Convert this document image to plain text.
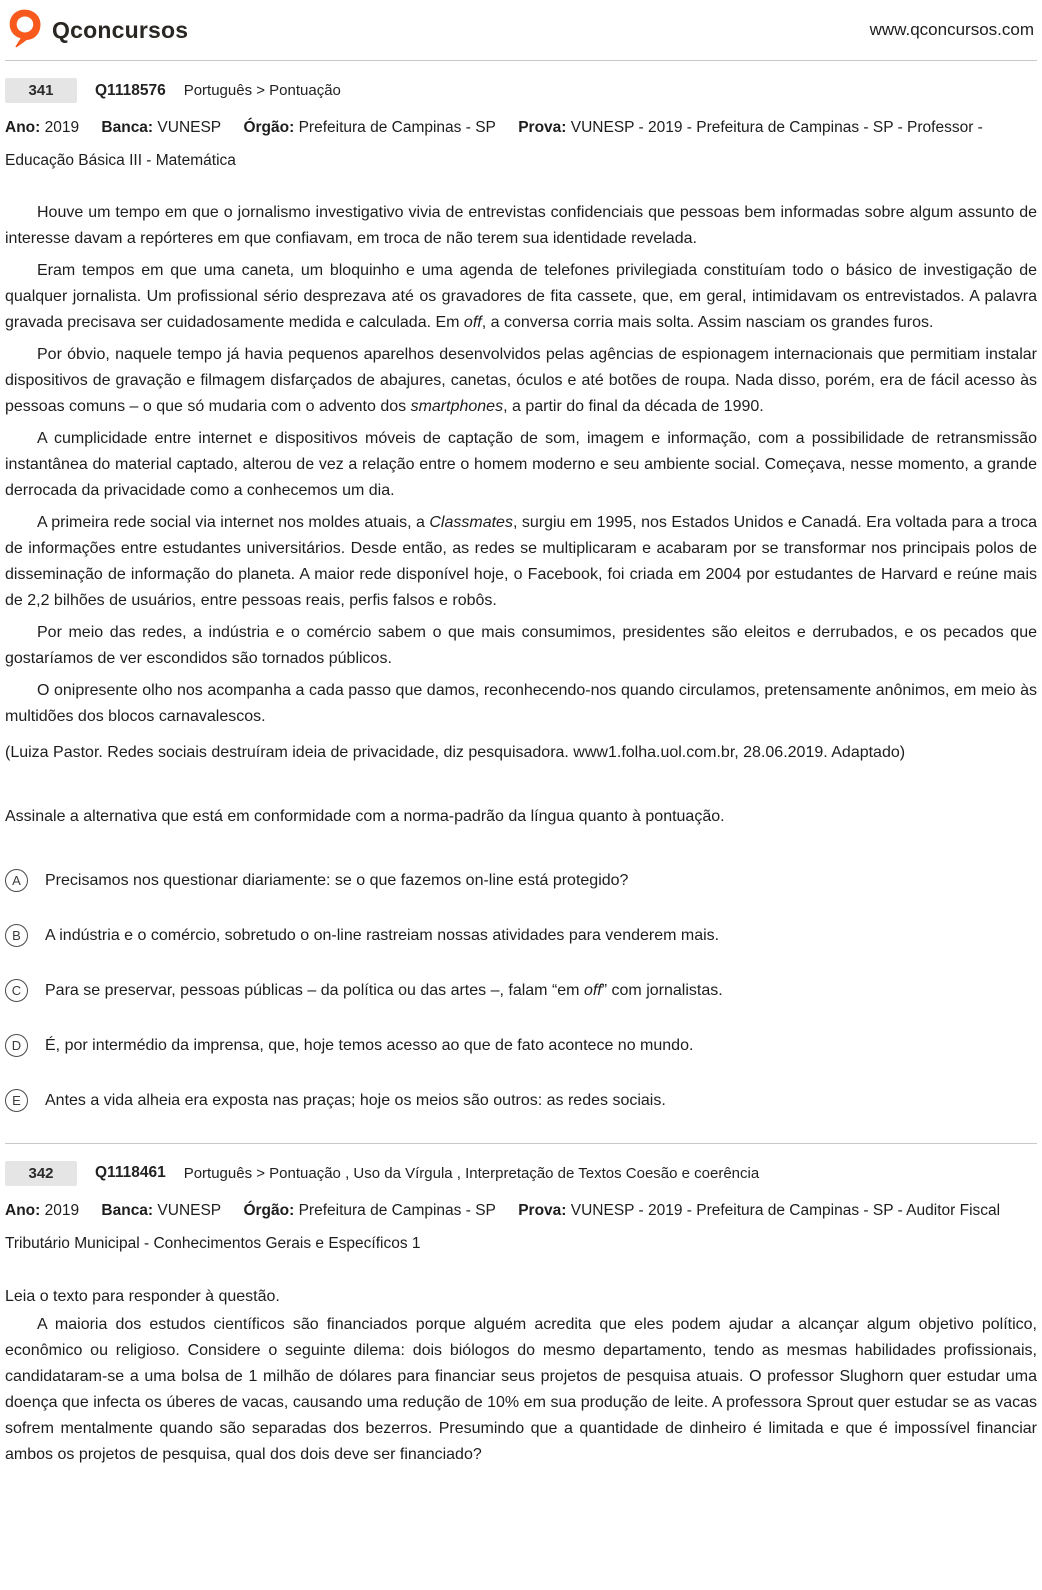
Qconcursos	www.qconcursos.com
341	Q1118576 Português > Pontuação

Ano: 2019 Banca: VUNESP Órgão: Prefeitura de Campinas - SP Prova: VUNESP - 2019 - Prefeitura de Campinas - SP - Professor - Educação Básica III - Matemática

Houve um tempo em que o jornalismo investigativo vivia de entrevistas confidenciais que pessoas bem informadas sobre algum assunto de interesse davam a repórteres em que confiavam, em troca de não terem sua identidade revelada.

Eram tempos em que uma caneta, um bloquinho e uma agenda de telefones privilegiada constituíam todo o básico de investigação de qualquer jornalista. Um profissional sério desprezava até os gravadores de fita cassete, que, em geral, intimidavam os entrevistados. A palavra gravada precisava ser cuidadosamente medida e calculada. Em off, a conversa corria mais solta. Assim nasciam os grandes furos.

Por óbvio, naquele tempo já havia pequenos aparelhos desenvolvidos pelas agências de espionagem internacionais que permitiam instalar dispositivos de gravação e filmagem disfarçados de abajures, canetas, óculos e até botões de roupa. Nada disso, porém, era de fácil acesso às pessoas comuns – o que só mudaria com o advento dos smartphones, a partir do final da década de 1990.

A cumplicidade entre internet e dispositivos móveis de captação de som, imagem e informação, com a possibilidade de retransmissão instantânea do material captado, alterou de vez a relação entre o homem moderno e seu ambiente social. Começava, nesse momento, a grande derrocada da privacidade como a conhecemos um dia.

A primeira rede social via internet nos moldes atuais, a Classmates, surgiu em 1995, nos Estados Unidos e Canadá. Era voltada para a troca de informações entre estudantes universitários. Desde então, as redes se multiplicaram e acabaram por se transformar nos principais polos de disseminação de informação do planeta. A maior rede disponível hoje, o Facebook, foi criada em 2004 por estudantes de Harvard e reúne mais de 2,2 bilhões de usuários, entre pessoas reais, perfis falsos e robôs.

Por meio das redes, a indústria e o comércio sabem o que mais consumimos, presidentes são eleitos e derrubados, e os pecados que gostaríamos de ver escondidos são tornados públicos.

O onipresente olho nos acompanha a cada passo que damos, reconhecendo-nos quando circulamos, pretensamente anônimos, em meio às multidões dos blocos carnavalescos.

(Luiza Pastor. Redes sociais destruíram ideia de privacidade, diz pesquisadora. www1.folha.uol.com.br, 28.06.2019. Adaptado)

Assinale a alternativa que está em conformidade com a norma-padrão da língua quanto à pontuação.

A	Precisamos nos questionar diariamente: se o que fazemos on-line está protegido?
B	A indústria e o comércio, sobretudo o on-line rastreiam nossas atividades para venderem mais.
C	Para se preservar, pessoas públicas – da política ou das artes –, falam “em off” com jornalistas.
D	É, por intermédio da imprensa, que, hoje temos acesso ao que de fato acontece no mundo.
E	Antes a vida alheia era exposta nas praças; hoje os meios são outros: as redes sociais.
342	Q1118461 Português > Pontuação , Uso da Vírgula , Interpretação de Textos Coesão e coerência

Ano: 2019 Banca: VUNESP Órgão: Prefeitura de Campinas - SP Prova: VUNESP - 2019 - Prefeitura de Campinas - SP - Auditor Fiscal Tributário Municipal - Conhecimentos Gerais e Específicos 1

Leia o texto para responder à questão.

A maioria dos estudos científicos são financiados porque alguém acredita que eles podem ajudar a alcançar algum objetivo político, econômico ou religioso. Considere o seguinte dilema: dois biólogos do mesmo departamento, tendo as mesmas habilidades profissionais, candidataram-se a uma bolsa de 1 milhão de dólares para financiar seus projetos de pesquisa atuais. O professor Slughorn quer estudar uma doença que infecta os úberes de vacas, causando uma redução de 10% em sua produção de leite. A professora Sprout quer estudar se as vacas sofrem mentalmente quando são separadas dos bezerros. Presumindo que a quantidade de dinheiro é limitada e que é impossível financiar ambos os projetos de pesquisa, qual dos dois deve ser financiado?
